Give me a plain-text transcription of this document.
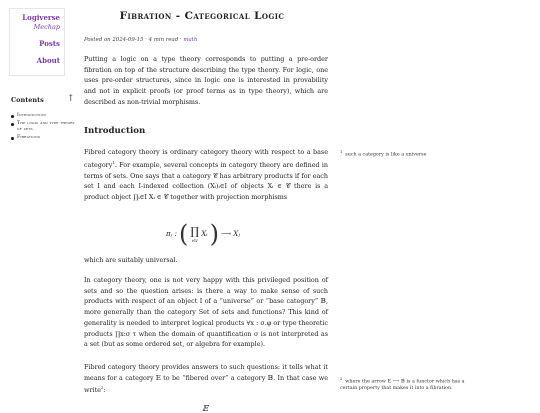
Logiverse
Mechap
Posts
About
Contents	↑
Introduction
The logic and type theory of sets
Fibrations
Fibration - Categorical Logic
Posted on 2024-09-15 · 4 min read · math

Putting a logic on a type theory corresponds to putting a pre-order fibration on top of the structure describing the type theory. For logic, one uses pre-order structures, since in logic one is interested in provability and not in explicit proofs (or proof terms as in type theory), which are described as non-trivial morphisms.

Introduction

Fibred category theory is ordinary category theory with respect to a base category$^1$. For example, several concepts in category theory are defined in terms of sets. One says that a category 𝒞 has arbitrary products if for each set I and each I-indexed collection (Xᵢ)ᵢ∈I of objects Xᵢ ∈ 𝒞 there is a product object ∏ᵢ∈I Xᵢ ∈ 𝒞 together with projection morphisms

πⱼ : ( ∏
i∈I
Xᵢ ) ⟶ Xⱼ

which are suitably universal.

In category theory, one is not very happy with this privileged position of sets and so the question arises: is there a way to make sense of such products with respect of an object I of a “universe” or “base category” 𝔹, more generally than the category Set of sets and functions? This kind of generality is needed to interpret logical products ∀x : σ.φ or type theoretic products ∏x:σ τ when the domain of quantification σ is not interpreted as a set (but as some ordered set, or algebra for example).

Fibred category theory provides answers to such questions: it tells what it means for a category 𝔼 to be “fibered over” a category 𝔹. In that case we write$^2$:

𝔼
$^1$such a category is like a universe
$^2$where the arrow 𝔼 ⟶ 𝔹 is a functor which has a certain property that makes it into a fibration.
